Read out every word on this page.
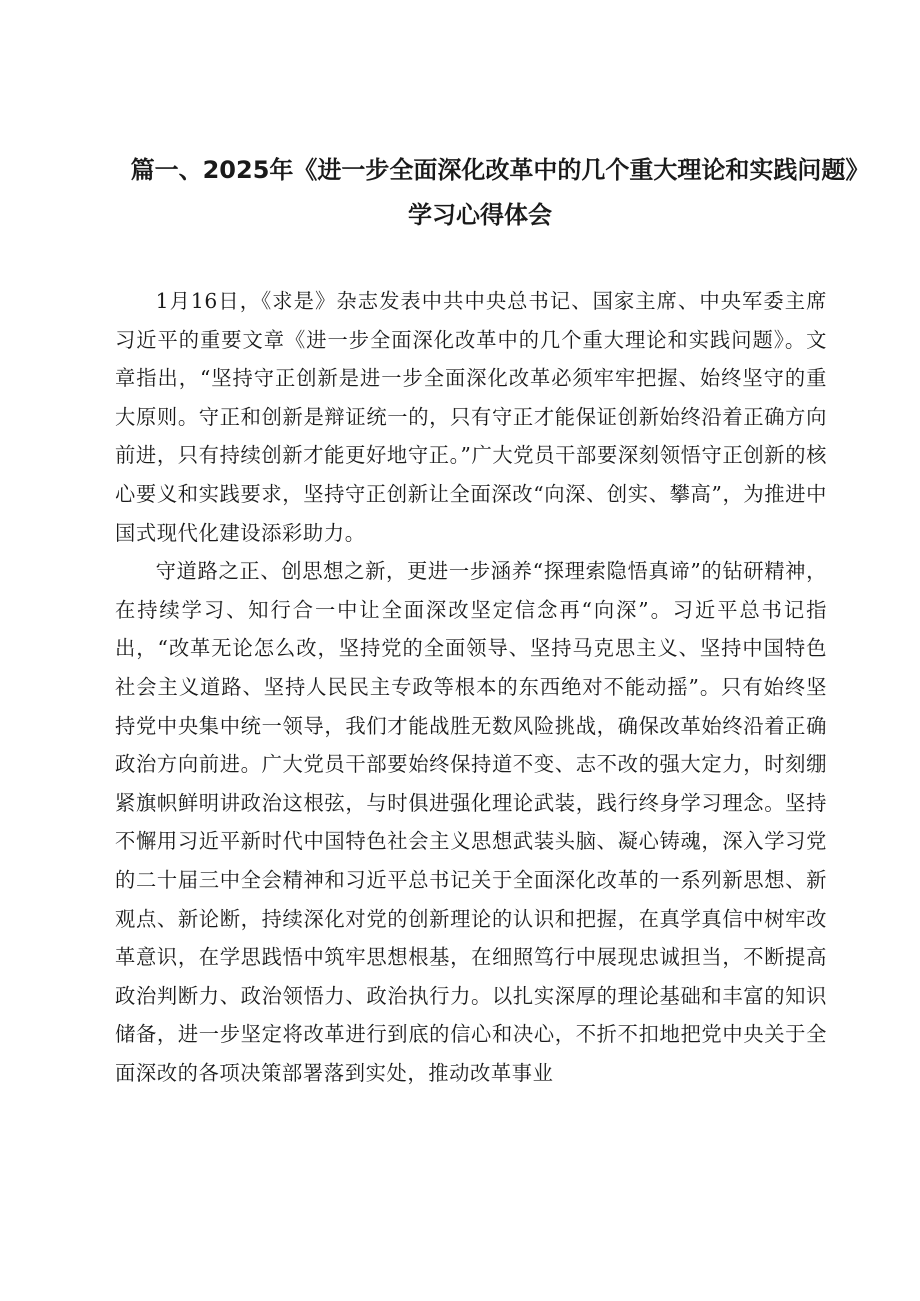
篇一、2025年《进一步全面深化改革中的几个重大理论和实践问题》
学习心得体会

1月16日，《求是》杂志发表中共中央总书记、国家主席、中央军委主席习近平的重要文章《进一步全面深化改革中的几个重大理论和实践问题》。文章指出，“坚持守正创新是进一步全面深化改革必须牢牢把握、始终坚守的重大原则。守正和创新是辩证统一的，只有守正才能保证创新始终沿着正确方向前进，只有持续创新才能更好地守正。”广大党员干部要深刻领悟守正创新的核心要义和实践要求，坚持守正创新让全面深改“向深、创实、攀高”，为推进中国式现代化建设添彩助力。

守道路之正、创思想之新，更进一步涵养“探理索隐悟真谛”的钻研精神，在持续学习、知行合一中让全面深改坚定信念再“向深”。习近平总书记指出，“改革无论怎么改，坚持党的全面领导、坚持马克思主义、坚持中国特色社会主义道路、坚持人民民主专政等根本的东西绝对不能动摇”。只有始终坚持党中央集中统一领导，我们才能战胜无数风险挑战，确保改革始终沿着正确政治方向前进。广大党员干部要始终保持道不变、志不改的强大定力，时刻绷紧旗帜鲜明讲政治这根弦，与时俱进强化理论武装，践行终身学习理念。坚持不懈用习近平新时代中国特色社会主义思想武装头脑、凝心铸魂，深入学习党的二十届三中全会精神和习近平总书记关于全面深化改革的一系列新思想、新观点、新论断，持续深化对党的创新理论的认识和把握，在真学真信中树牢改革意识，在学思践悟中筑牢思想根基，在细照笃行中展现忠诚担当，不断提高政治判断力、政治领悟力、政治执行力。以扎实深厚的理论基础和丰富的知识储备，进一步坚定将改革进行到底的信心和决心，不折不扣地把党中央关于全面深改的各项决策部署落到实处，推动改革事业
